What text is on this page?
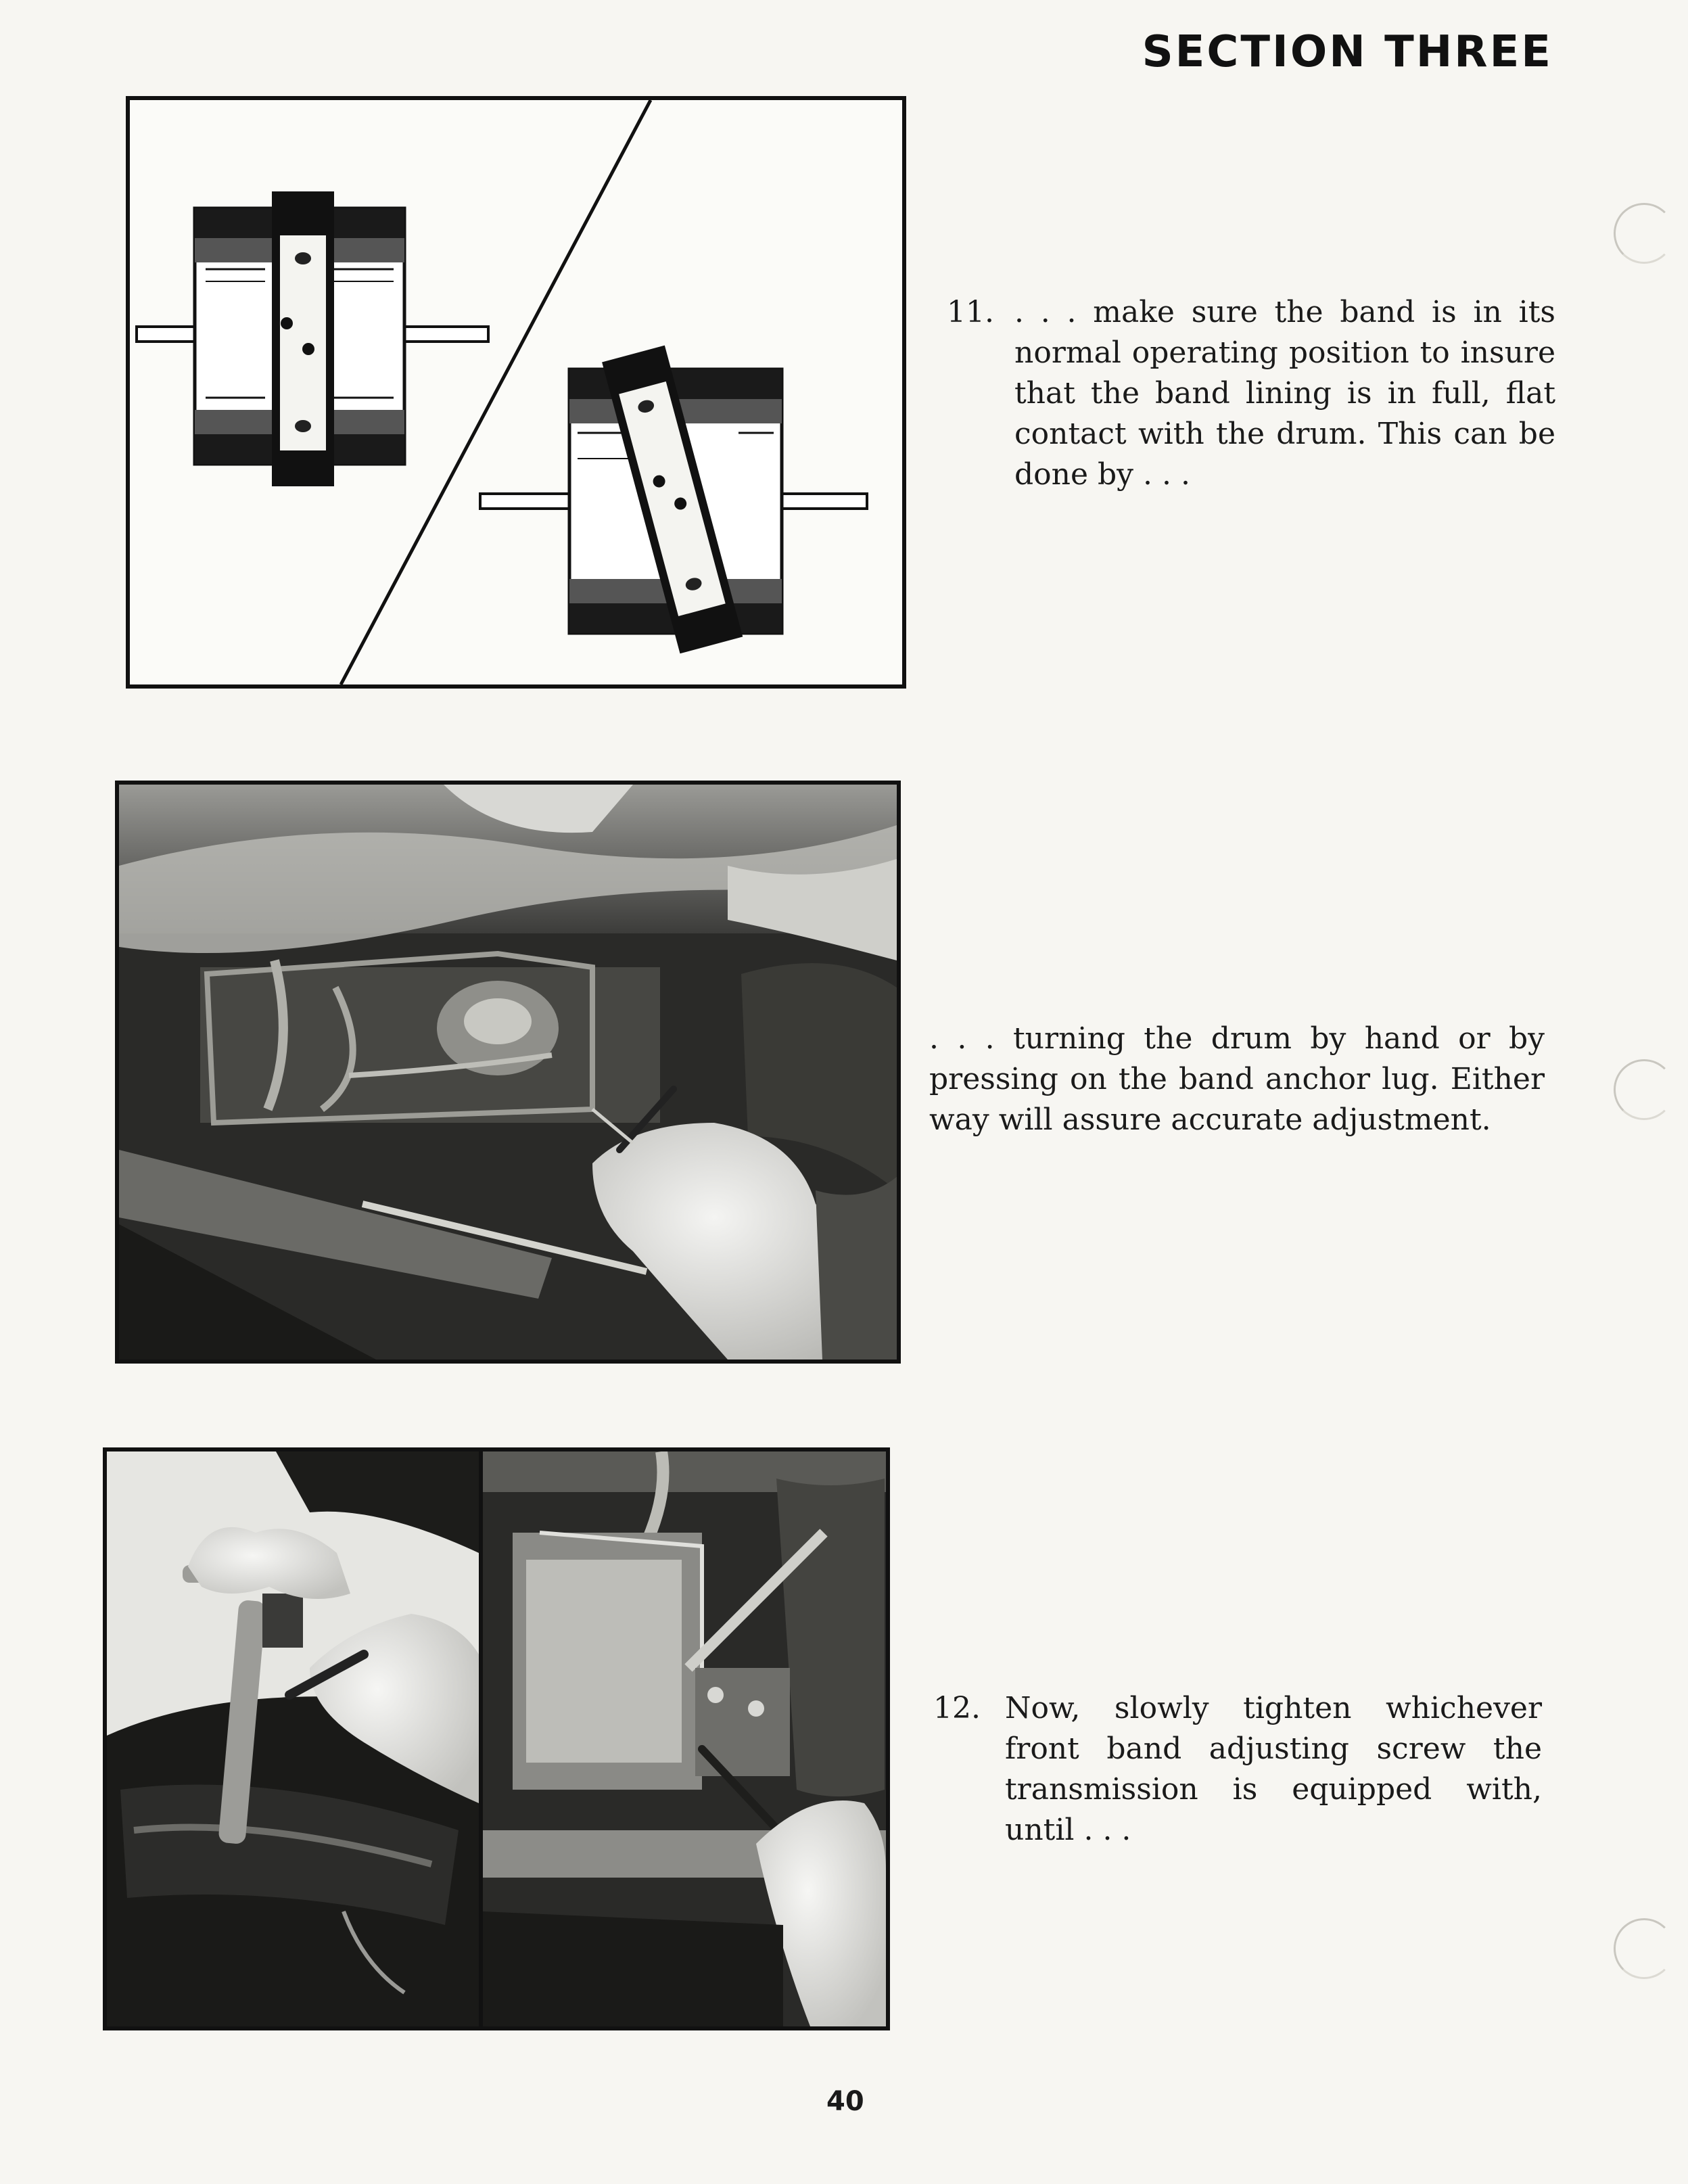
SECTION THREE
11. . . . make sure the band is in its normal operating position to insure that the band lining is in full, flat contact with the drum. This can be done by . . .
. . . turning the drum by hand or by pressing on the band anchor lug. Either way will assure accurate adjustment.
12. Now, slowly tighten whichever front band adjusting screw the transmission is equipped with, until . . .
40
